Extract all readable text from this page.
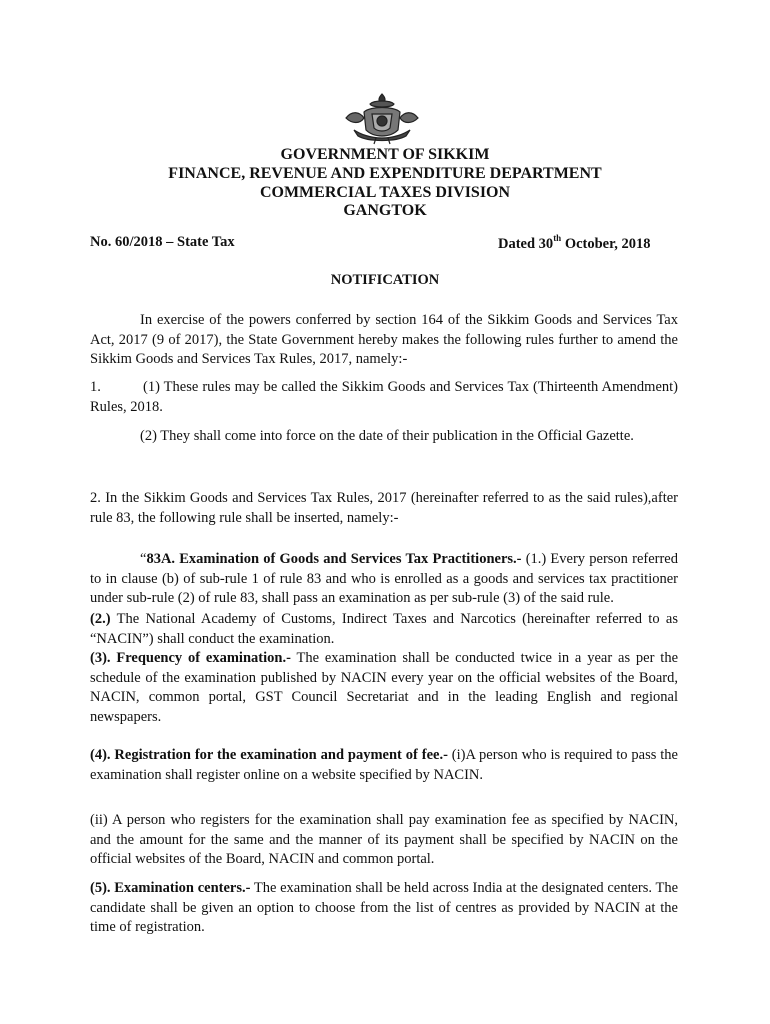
GOVERNMENT OF SIKKIM
FINANCE, REVENUE AND EXPENDITURE DEPARTMENT
COMMERCIAL TAXES DIVISION
GANGTOK
No. 60/2018 – State Tax	Dated 30th October, 2018
NOTIFICATION

In exercise of the powers conferred by section 164 of the Sikkim Goods and Services Tax Act, 2017 (9 of 2017), the State Government hereby makes the following rules further to amend the Sikkim Goods and Services Tax Rules, 2017, namely:-

1.	(1) These rules may be called the Sikkim Goods and Services Tax (Thirteenth Amendment) Rules, 2018.

(2) They shall come into force on the date of their publication in the Official Gazette.

2. In the Sikkim Goods and Services Tax Rules, 2017 (hereinafter referred to as the said rules),after rule 83, the following rule shall be inserted, namely:-

“83A. Examination of Goods and Services Tax Practitioners.- (1.) Every person referred to in clause (b) of sub-rule 1 of rule 83 and who is enrolled as a goods and services tax practitioner under sub-rule (2) of rule 83, shall pass an examination as per sub-rule (3) of the said rule.

(2.) The National Academy of Customs, Indirect Taxes and Narcotics (hereinafter referred to as “NACIN”) shall conduct the examination.

(3). Frequency of examination.- The examination shall be conducted twice in a year as per the schedule of the examination published by NACIN every year on the official websites of the Board, NACIN, common portal, GST Council Secretariat and in the leading English and regional newspapers.

(4). Registration for the examination and payment of fee.- (i)A person who is required to pass the examination shall register online on a website specified by NACIN.

(ii) A person who registers for the examination shall pay examination fee as specified by NACIN, and the amount for the same and the manner of its payment shall be specified by NACIN on the official websites of the Board, NACIN and common portal.

(5). Examination centers.- The examination shall be held across India at the designated centers. The candidate shall be given an option to choose from the list of centres as provided by NACIN at the time of registration.
